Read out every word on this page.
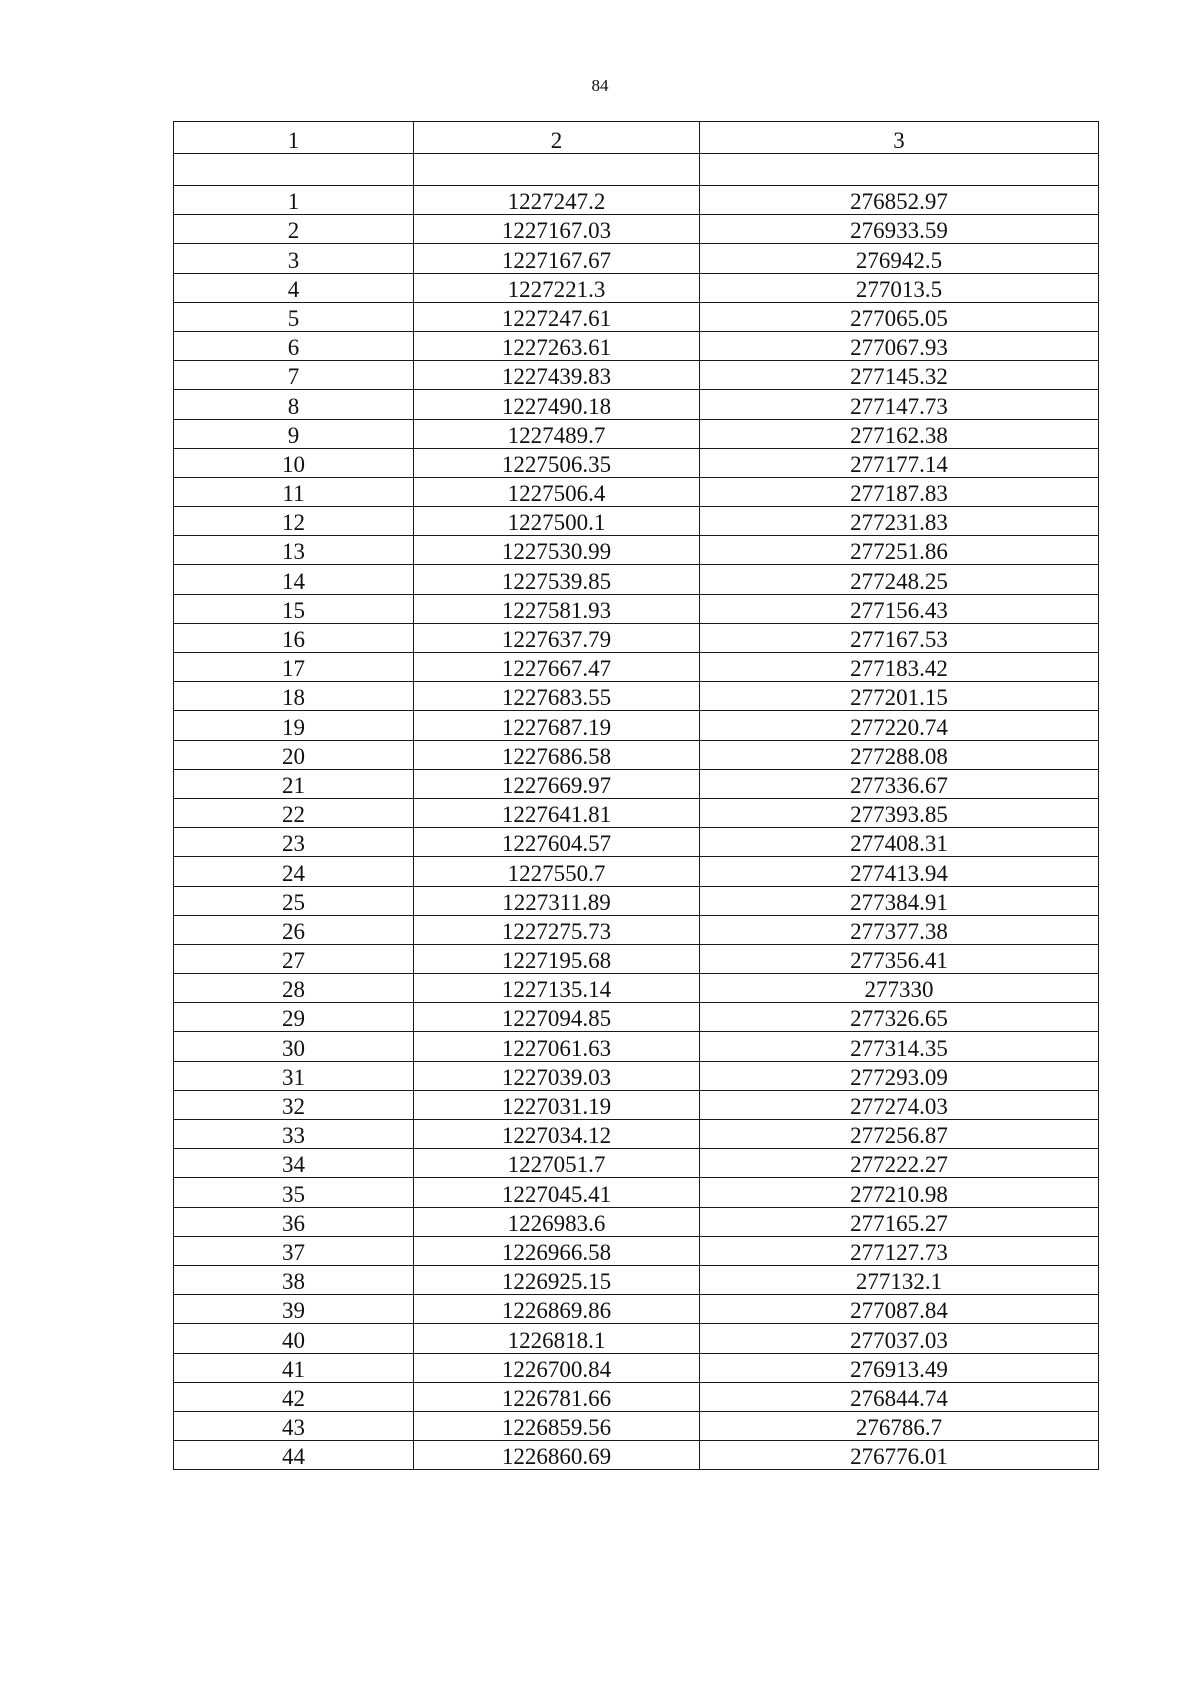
84
1	2	3

1	1227247.2	276852.97
2	1227167.03	276933.59
3	1227167.67	276942.5
4	1227221.3	277013.5
5	1227247.61	277065.05
6	1227263.61	277067.93
7	1227439.83	277145.32
8	1227490.18	277147.73
9	1227489.7	277162.38
10	1227506.35	277177.14
11	1227506.4	277187.83
12	1227500.1	277231.83
13	1227530.99	277251.86
14	1227539.85	277248.25
15	1227581.93	277156.43
16	1227637.79	277167.53
17	1227667.47	277183.42
18	1227683.55	277201.15
19	1227687.19	277220.74
20	1227686.58	277288.08
21	1227669.97	277336.67
22	1227641.81	277393.85
23	1227604.57	277408.31
24	1227550.7	277413.94
25	1227311.89	277384.91
26	1227275.73	277377.38
27	1227195.68	277356.41
28	1227135.14	277330
29	1227094.85	277326.65
30	1227061.63	277314.35
31	1227039.03	277293.09
32	1227031.19	277274.03
33	1227034.12	277256.87
34	1227051.7	277222.27
35	1227045.41	277210.98
36	1226983.6	277165.27
37	1226966.58	277127.73
38	1226925.15	277132.1
39	1226869.86	277087.84
40	1226818.1	277037.03
41	1226700.84	276913.49
42	1226781.66	276844.74
43	1226859.56	276786.7
44	1226860.69	276776.01
